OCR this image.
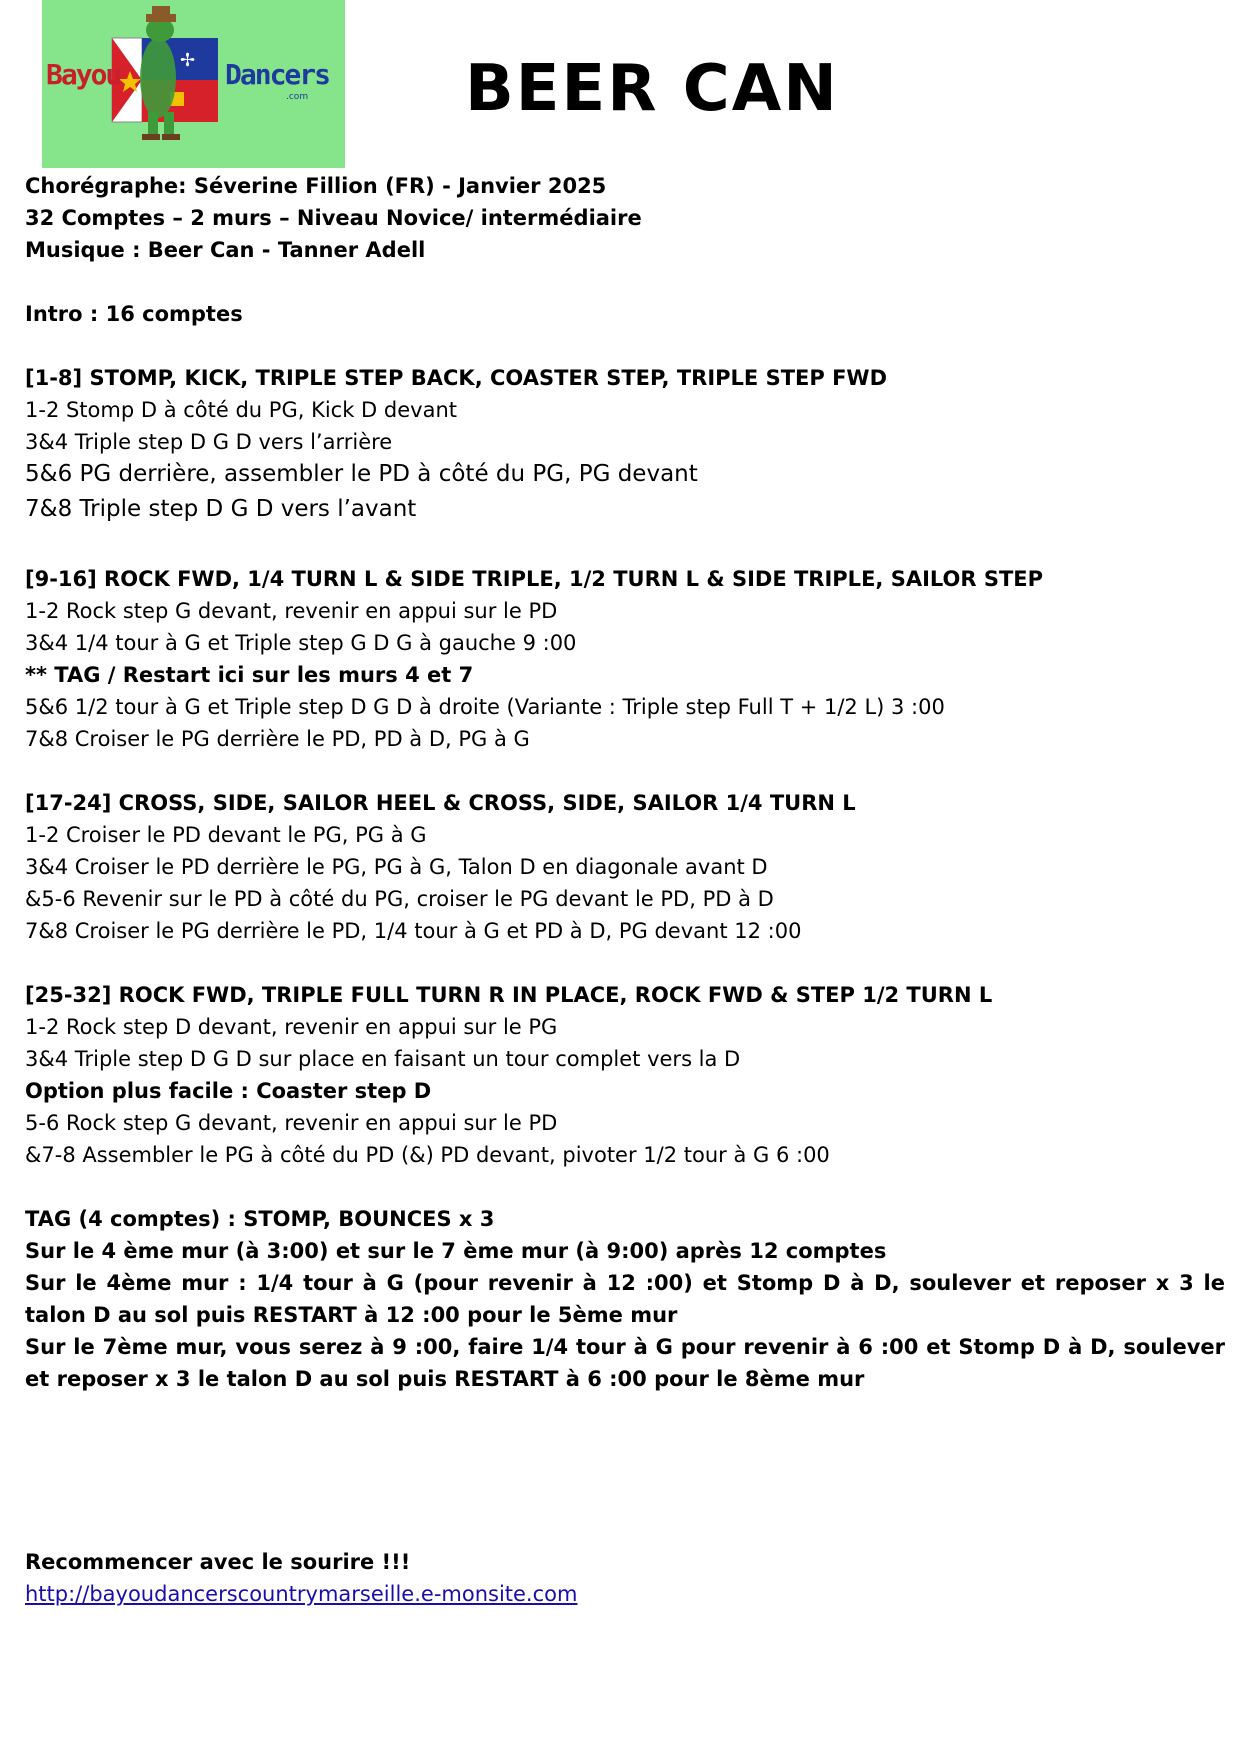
✢
Bayou	Dancers
.com BEER CAN
Chorégraphe: Séverine Fillion (FR) - Janvier 2025
32 Comptes – 2 murs – Niveau Novice/ intermédiaire
Musique : Beer Can - Tanner Adell
Intro : 16 comptes
[1-8] STOMP, KICK, TRIPLE STEP BACK, COASTER STEP, TRIPLE STEP FWD
1-2 Stomp D à côté du PG, Kick D devant
3&4 Triple step D G D vers l’arrière
5&6 PG derrière, assembler le PD à côté du PG, PG devant
7&8 Triple step D G D vers l’avant
[9-16] ROCK FWD, 1/4 TURN L & SIDE TRIPLE, 1/2 TURN L & SIDE TRIPLE, SAILOR STEP
1-2 Rock step G devant, revenir en appui sur le PD
3&4 1/4 tour à G et Triple step G D G à gauche 9 :00
** TAG / Restart ici sur les murs 4 et 7
5&6 1/2 tour à G et Triple step D G D à droite (Variante : Triple step Full T + 1/2 L) 3 :00
7&8 Croiser le PG derrière le PD, PD à D, PG à G
[17-24] CROSS, SIDE, SAILOR HEEL & CROSS, SIDE, SAILOR 1/4 TURN L
1-2 Croiser le PD devant le PG, PG à G
3&4 Croiser le PD derrière le PG, PG à G, Talon D en diagonale avant D
&5-6 Revenir sur le PD à côté du PG, croiser le PG devant le PD, PD à D
7&8 Croiser le PG derrière le PD, 1/4 tour à G et PD à D, PG devant 12 :00
[25-32] ROCK FWD, TRIPLE FULL TURN R IN PLACE, ROCK FWD & STEP 1/2 TURN L
1-2 Rock step D devant, revenir en appui sur le PG
3&4 Triple step D G D sur place en faisant un tour complet vers la D
Option plus facile : Coaster step D
5-6 Rock step G devant, revenir en appui sur le PD
&7-8 Assembler le PG à côté du PD (&) PD devant, pivoter 1/2 tour à G 6 :00
TAG (4 comptes) : STOMP, BOUNCES x 3
Sur le 4 ème mur (à 3:00) et sur le 7 ème mur (à 9:00) après 12 comptes
Sur le 4ème mur : 1/4 tour à G (pour revenir à 12 :00) et Stomp D à D, soulever et reposer x 3 le talon D au sol puis RESTART à 12 :00 pour le 5ème mur
Sur le 7ème mur, vous serez à 9 :00, faire 1/4 tour à G pour revenir à 6 :00 et Stomp D à D, soulever et reposer x 3 le talon D au sol puis RESTART à 6 :00 pour le 8ème mur
Recommencer avec le sourire !!!
http://bayoudancerscountrymarseille.e-monsite.com
